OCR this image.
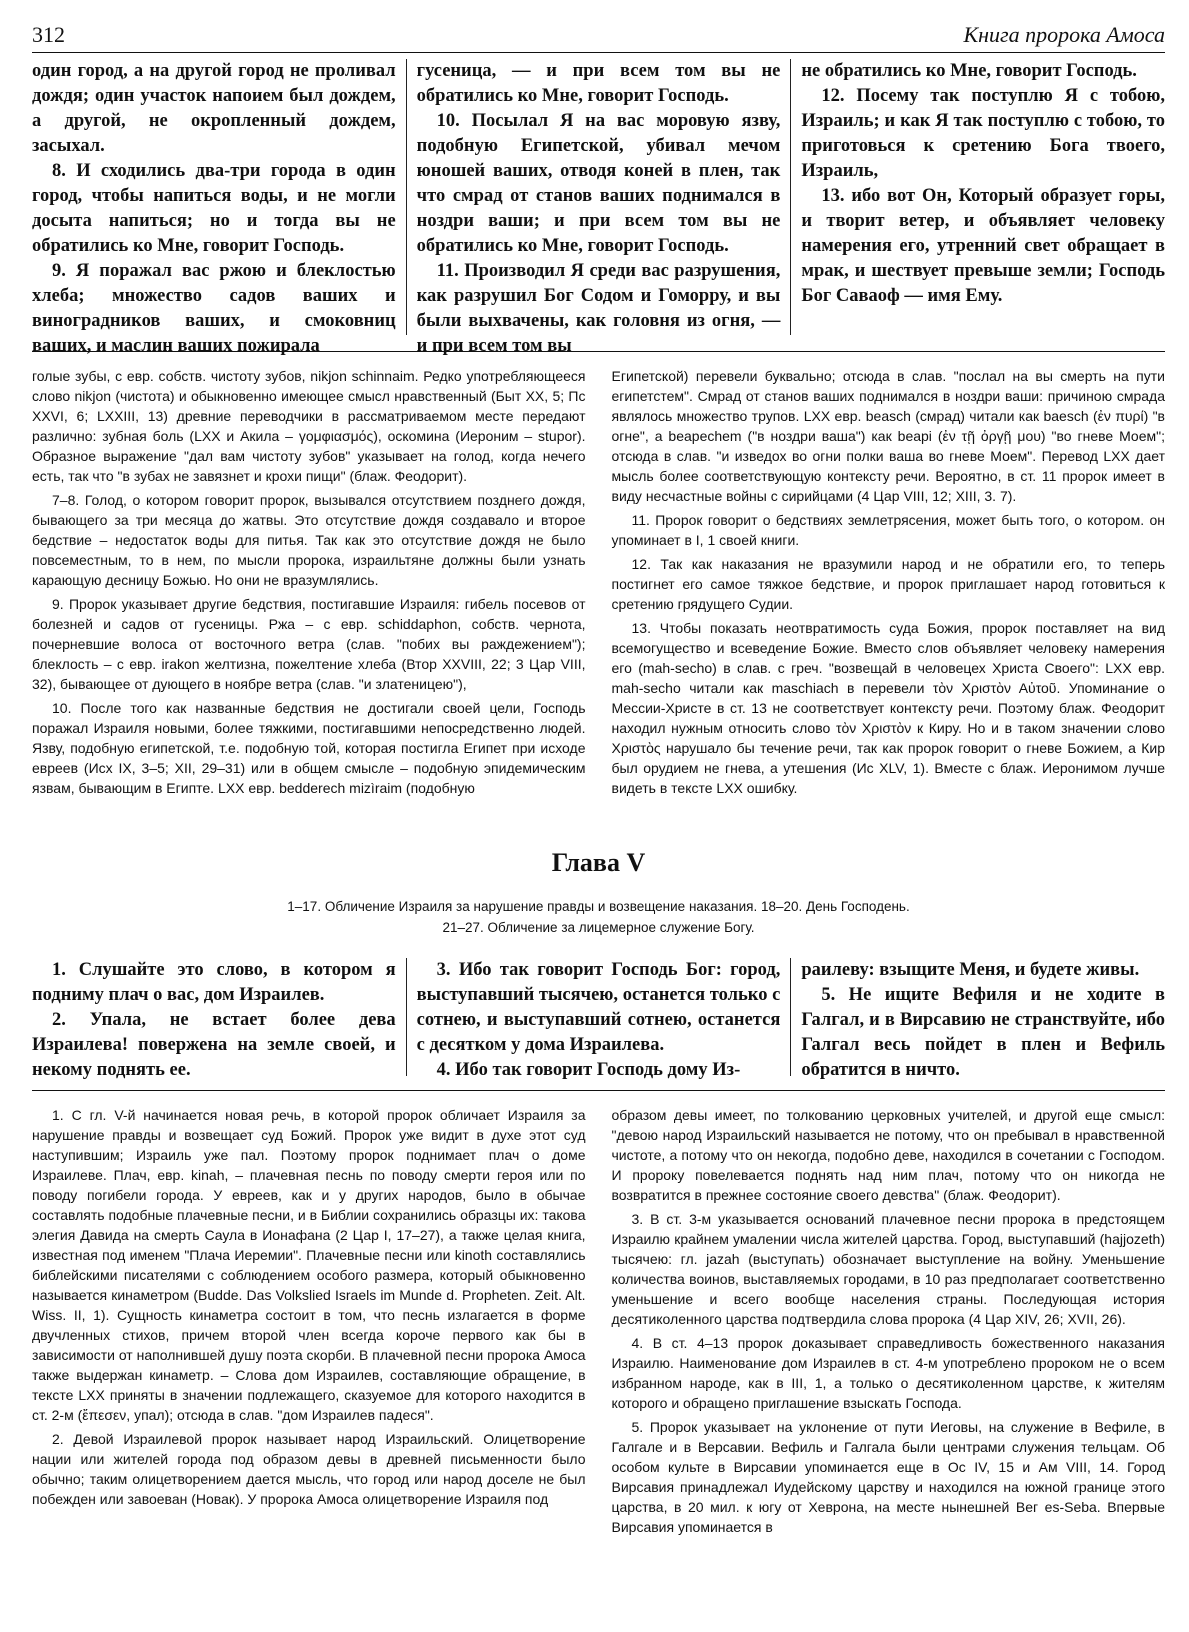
312	Книга пророка Амоса

один город, а на другой город не проливал дождя; один участок напоием был дождем, а другой, не окропленный дождем, засыхал.

8. И сходились два-три города в один город, чтобы напиться воды, и не могли досыта напиться; но и тогда вы не обратились ко Мне, говорит Господь.

9. Я поражал вас ржою и блеклостью хлеба; множество садов ваших и виноградников ваших, и смоковниц ваших, и маслин ваших пожирала

гусеница, — и при всем том вы не обратились ко Мне, говорит Господь.

10. Посылал Я на вас моровую язву, подобную Египетской, убивал мечом юношей ваших, отводя коней в плен, так что смрад от станов ваших поднимался в ноздри ваши; и при всем том вы не обратились ко Мне, говорит Господь.

11. Производил Я среди вас разрушения, как разрушил Бог Содом и Гоморру, и вы были выхвачены, как головня из огня, — и при всем том вы

не обратились ко Мне, говорит Господь.

12. Посему так поступлю Я с тобою, Израиль; и как Я так поступлю с тобою, то приготовься к сретению Бога твоего, Израиль,

13. ибо вот Он, Который образует горы, и творит ветер, и объявляет человеку намерения его, утренний свет обращает в мрак, и шествует превыше земли; Господь Бог Саваоф — имя Ему.

голые зубы, с евр. собств. чистоту зубов, nikjon schinnaim. Редко употребляющееся слово nikjon (чистота) и обыкновенно имеющее смысл нравственный (Быт XX, 5; Пс XXVI, 6; LXXIII, 13) древние переводчики в рассматриваемом месте передают различно: зубная боль (LXX и Акила – γομφιασμός), оскомина (Иероним – stupor). Образное выражение "дал вам чистоту зубов" указывает на голод, когда нечего есть, так что "в зубах не завязнет и крохи пищи" (блаж. Феодорит).

7–8. Голод, о котором говорит пророк, вызывался отсутствием позднего дождя, бывающего за три месяца до жатвы. Это отсутствие дождя создавало и второе бедствие – недостаток воды для питья. Так как это отсутствие дождя не было повсеместным, то в нем, по мысли пророка, израильтяне должны были узнать карающую десницу Божью. Но они не вразумлялись.

9. Пророк указывает другие бедствия, постигавшие Израиля: гибель посевов от болезней и садов от гусеницы. Ржа – с евр. schiddaphon, собств. чернота, почерневшие волоса от восточного ветра (слав. "побих вы раждежением"); блеклость – с евр. irakon желтизна, пожелтение хлеба (Втор XXVIII, 22; 3 Цар VIII, 32), бывающее от дующего в ноябре ветра (слав. "и златеницею"),

10. После того как названные бедствия не достигали своей цели, Господь поражал Израиля новыми, более тяжкими, постигавшими непосредственно людей. Язву, подобную египетской, т.е. подобную той, которая постигла Египет при исходе евреев (Исх IX, 3–5; XII, 29–31) или в общем смысле – подобную эпидемическим язвам, бывающим в Египте. LXX евр. bedderech mizìraim (подобную

Египетской) перевели буквально; отсюда в слав. "послал на вы смерть на пути египетстем". Смрад от станов ваших поднимался в ноздри ваши: причиною смрада являлось множество трупов. LXX евр. beasch (смрад) читали как baesch (ἐν πυρί) "в огне", а beapechem ("в ноздри ваша") как beapi (ἐν τῇ ὀργῇ μου) "во гневе Моем"; отсюда в слав. "и изведох во огни полки ваша во гневе Моем". Перевод LXX дает мысль более соответствующую контексту речи. Вероятно, в ст. 11 пророк имеет в виду несчастные войны с сирийцами (4 Цар VIII, 12; XIII, 3. 7).

11. Пророк говорит о бедствиях землетрясения, может быть того, о котором. он упоминает в I, 1 своей книги.

12. Так как наказания не вразумили народ и не обратили его, то теперь постигнет его самое тяжкое бедствие, и пророк приглашает народ готовиться к сретению грядущего Судии.

13. Чтобы показать неотвратимость суда Божия, пророк поставляет на вид всемогущество и всеведение Божие. Вместо слов объявляет человеку намерения его (mah-secho) в слав. с греч. "возвещай в человецех Христа Своего": LXX евр. mah-secho читали как maschiach в перевели τὸν Χριστὸν Αὐτοῦ. Упоминание о Мессии-Христе в ст. 13 не соответствует контексту речи. Поэтому блаж. Феодорит находил нужным относить слово τὸν Χριστὸν к Киру. Но и в таком значении слово Χριστὸς нарушало бы течение речи, так как пророк говорит о гневе Божием, а Кир был орудием не гнева, а утешения (Ис XLV, 1). Вместе с блаж. Иеронимом лучше видеть в тексте LXX ошибку.

Глава V
1–17. Обличение Израиля за нарушение правды и возвещение наказания. 18–20. День Господень.
21–27. Обличение за лицемерное служение Богу.

1. Слушайте это слово, в котором я подниму плач о вас, дом Израилев.

2. Упала, не встает более дева Израилева! повержена на земле своей, и некому поднять ее.

3. Ибо так говорит Господь Бог: город, выступавший тысячею, останется только с сотнею, и выступавший сотнею, останется с десятком у дома Израилева.

4. Ибо так говорит Господь дому Из-

раилеву: взыщите Меня, и будете живы.

5. Не ищите Вефиля и не ходите в Галгал, и в Вирсавию не странствуйте, ибо Галгал весь пойдет в плен и Вефиль обратится в ничто.

1. С гл. V-й начинается новая речь, в которой пророк обличает Израиля за нарушение правды и возвещает суд Божий. Пророк уже видит в духе этот суд наступившим; Израиль уже пал. Поэтому пророк поднимает плач о доме Израилеве. Плач, евр. kinah, – плачевная песнь по поводу смерти героя или по поводу погибели города. У евреев, как и у других народов, было в обычае составлять подобные плачевные песни, и в Библии сохранились образцы их: такова элегия Давида на смерть Саула в Ионафана (2 Цар I, 17–27), а также целая книга, известная под именем "Плача Иеремии". Плачевные песни или kinoth составлялись библейскими писателями с соблюдением особого размера, который обыкновенно называется кинаметром (Budde. Das Volkslied Israels im Munde d. Propheten. Zeit. Alt. Wiss. II, 1). Сущность кинаметра состоит в том, что песнь излагается в форме двучленных стихов, причем второй член всегда короче первого как бы в зависимости от наполнившей душу поэта скорби. В плачевной песни пророка Амоса также выдержан кинаметр. – Слова дом Израилев, составляющие обращение, в тексте LXX приняты в значении подлежащего, сказуемое для которого находится в ст. 2-м (ἔπεσεν, упал); отсюда в слав. "дом Израилев падеся".

2. Девой Израилевой пророк называет народ Израильский. Олицетворение нации или жителей города под образом девы в древней письменности было обычно; таким олицетворением дается мысль, что город или народ доселе не был побежден или завоеван (Новак). У пророка Амоса олицетворение Израиля под

образом девы имеет, по толкованию церковных учителей, и другой еще смысл: "девою народ Израильский называется не потому, что он пребывал в нравственной чистоте, а потому что он некогда, подобно деве, находился в сочетании с Господом. И пророку повелевается поднять над ним плач, потому что он никогда не возвратится в прежнее состояние своего девства" (блаж. Феодорит).

3. В ст. 3-м указывается оснований плачевное песни пророка в предстоящем Израилю крайнем умалении числа жителей царства. Город, выступавший (hajjozeth) тысячею: гл. jazah (выступать) обозначает выступление на войну. Уменьшение количества воинов, выставляемых городами, в 10 раз предполагает соответственно уменьшение и всего вообще населения страны. Последующая история десятиколенного царства подтвердила слова пророка (4 Цар XIV, 26; XVII, 26).

4. В ст. 4–13 пророк доказывает справедливость божественного наказания Израилю. Наименование дом Израилев в ст. 4-м употреблено пророком не о всем избранном народе, как в III, 1, а только о десятиколенном царстве, к жителям которого и обращено приглашение взыскать Господа.

5. Пророк указывает на уклонение от пути Иеговы, на служение в Вефиле, в Галгале и в Версавии. Вефиль и Галгала были центрами служения тельцам. Об особом культе в Вирсавии упоминается еще в Ос IV, 15 и Ам VIII, 14. Город Вирсавия принадлежал Иудейскому царству и находился на южной границе этого царства, в 20 мил. к югу от Хеврона, на месте нынешней Bег es-Seba. Впервые Вирсавия упоминается в
